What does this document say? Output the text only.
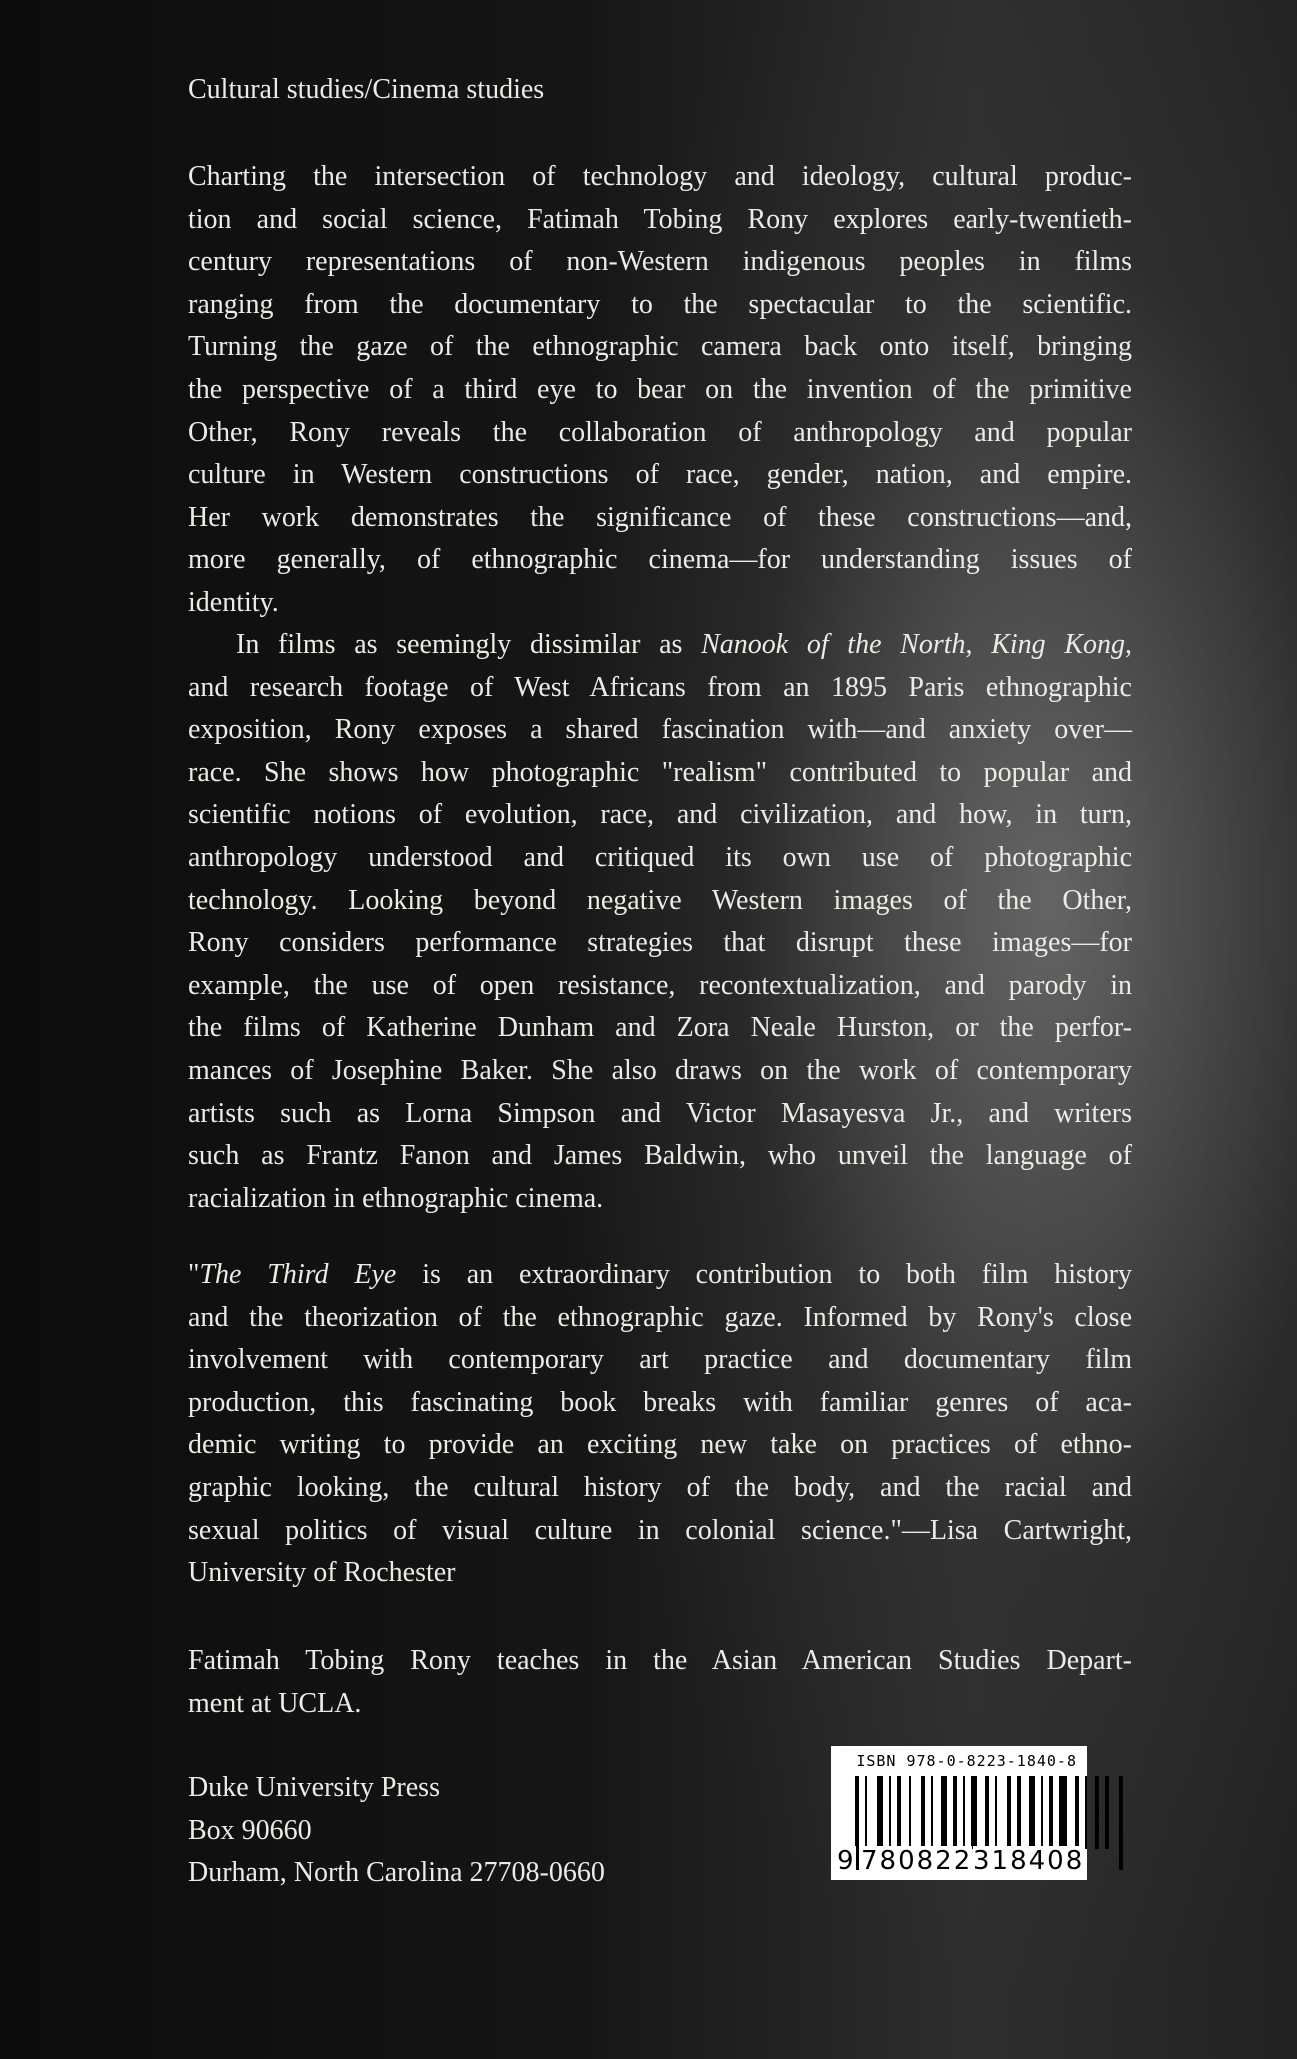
Cultural studies/Cinema studies
Charting the intersection of technology and ideology, cultural produc-
tion and social science, Fatimah Tobing Rony explores early-twentieth-
century representations of non-Western indigenous peoples in films
ranging from the documentary to the spectacular to the scientific.
Turning the gaze of the ethnographic camera back onto itself, bringing
the perspective of a third eye to bear on the invention of the primitive
Other, Rony reveals the collaboration of anthropology and popular
culture in Western constructions of race, gender, nation, and empire.
Her work demonstrates the significance of these constructions—and,
more generally, of ethnographic cinema—for understanding issues of
identity.
In films as seemingly dissimilar as Nanook of the North, King Kong,
and research footage of West Africans from an 1895 Paris ethnographic
exposition, Rony exposes a shared fascination with—and anxiety over—
race. She shows how photographic "realism" contributed to popular and
scientific notions of evolution, race, and civilization, and how, in turn,
anthropology understood and critiqued its own use of photographic
technology. Looking beyond negative Western images of the Other,
Rony considers performance strategies that disrupt these images—for
example, the use of open resistance, recontextualization, and parody in
the films of Katherine Dunham and Zora Neale Hurston, or the perfor-
mances of Josephine Baker. She also draws on the work of contemporary
artists such as Lorna Simpson and Victor Masayesva Jr., and writers
such as Frantz Fanon and James Baldwin, who unveil the language of
racialization in ethnographic cinema.
"The Third Eye is an extraordinary contribution to both film history
and the theorization of the ethnographic gaze. Informed by Rony's close
involvement with contemporary art practice and documentary film
production, this fascinating book breaks with familiar genres of aca-
demic writing to provide an exciting new take on practices of ethno-
graphic looking, the cultural history of the body, and the racial and
sexual politics of visual culture in colonial science."—Lisa Cartwright,
University of Rochester
Fatimah Tobing Rony teaches in the Asian American Studies Depart-
ment at UCLA.
Duke University Press
Box 90660
Durham, North Carolina 27708-0660
ISBN 978-0-8223-1840-8
9 780822 318408
